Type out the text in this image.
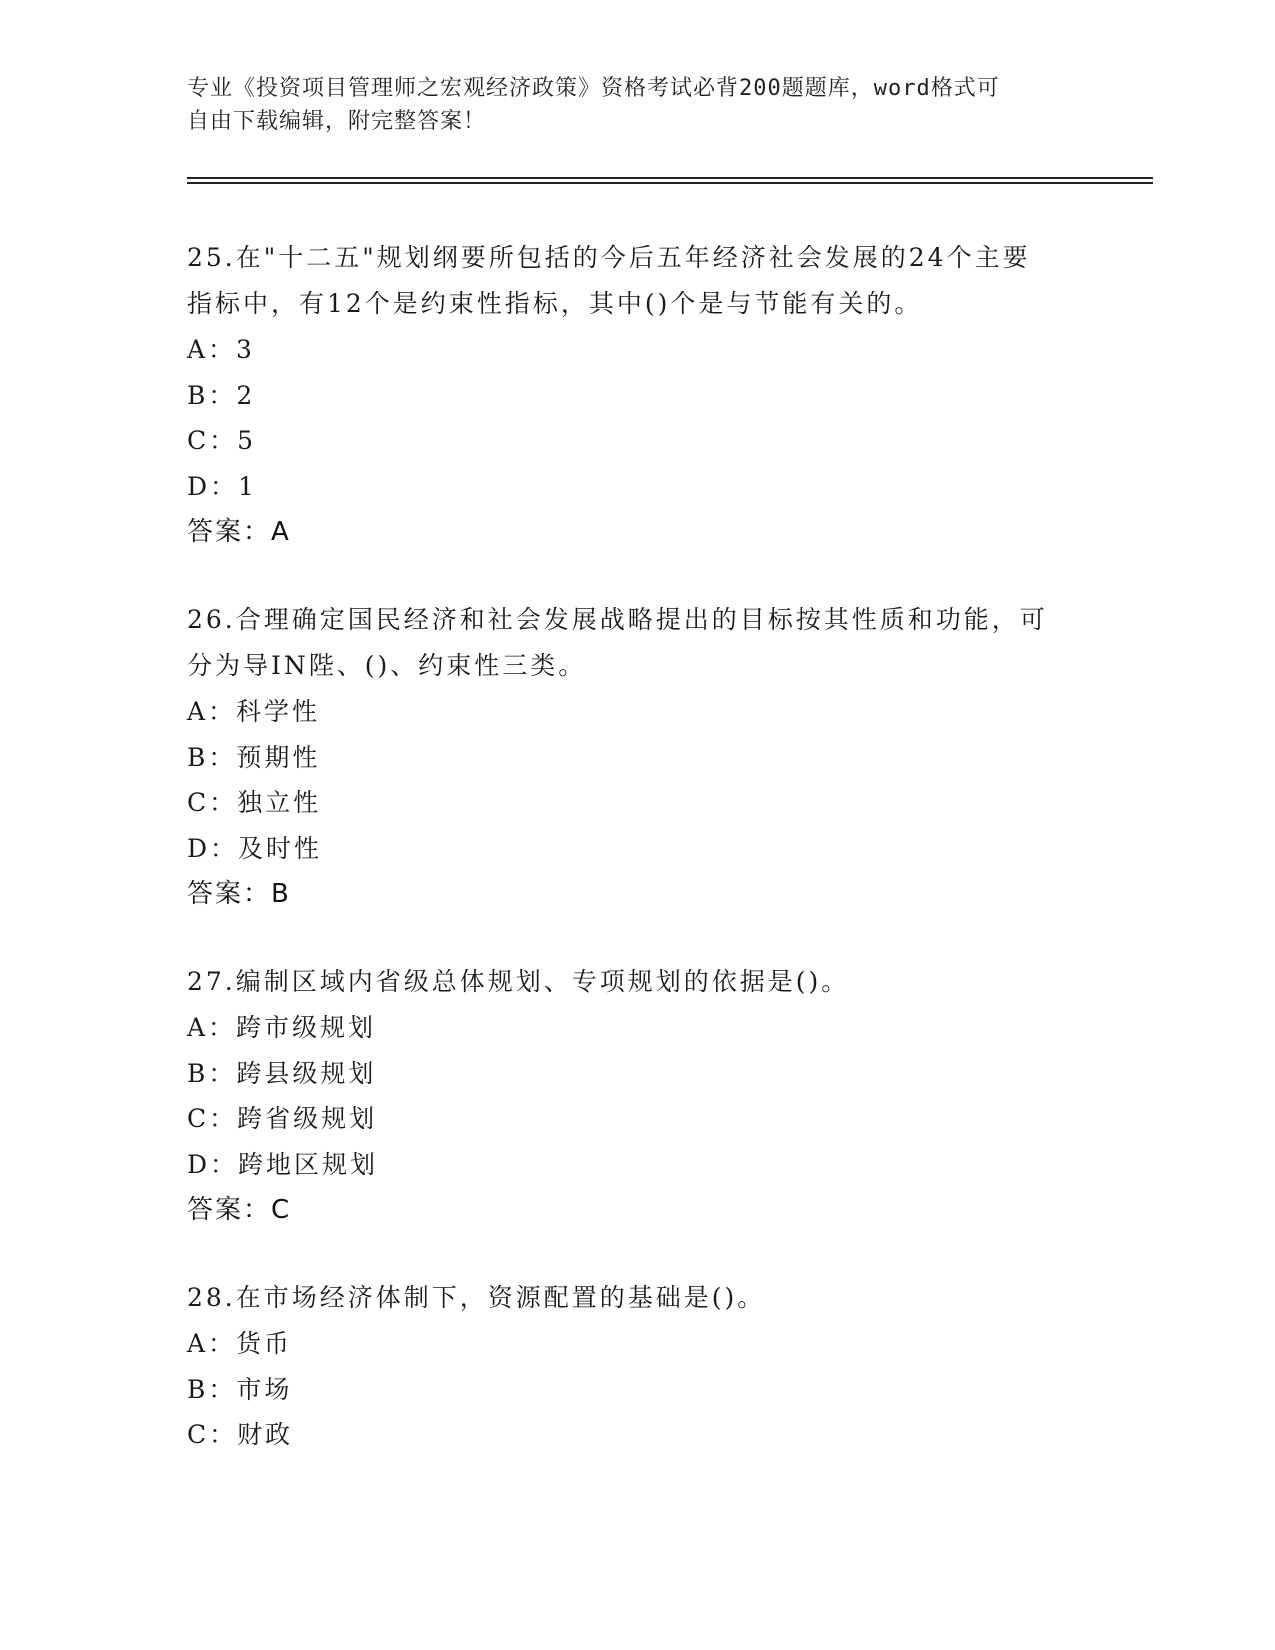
专业《投资项目管理师之宏观经济政策》资格考试必背200题题库，word格式可
自由下载编辑，附完整答案！
25.在"十二五"规划纲要所包括的今后五年经济社会发展的24个主要
指标中，有12个是约束性指标，其中()个是与节能有关的。
A：3
B：2
C：5
D：1
答案：A
26.合理确定国民经济和社会发展战略提出的目标按其性质和功能，可
分为导IN陛、()、约束性三类。
A：科学性
B：预期性
C：独立性
D：及时性
答案：B
27.编制区域内省级总体规划、专项规划的依据是()。
A：跨市级规划
B：跨县级规划
C：跨省级规划
D：跨地区规划
答案：C
28.在市场经济体制下，资源配置的基础是()。
A：货币
B：市场
C：财政
